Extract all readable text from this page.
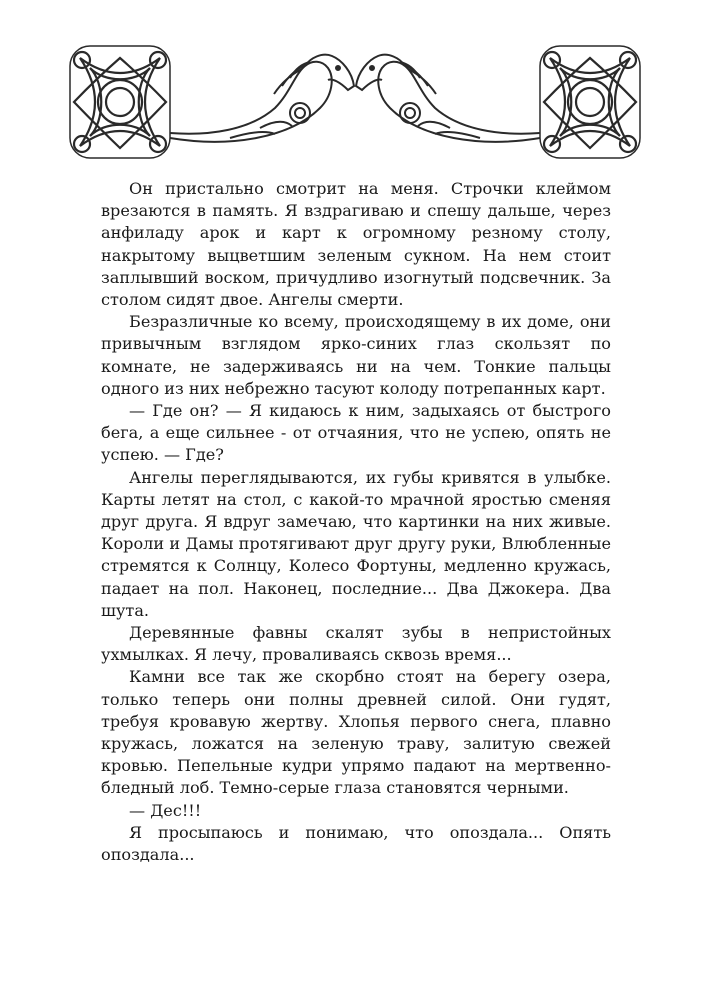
Он пристально смотрит на меня. Строчки клеймом врезаются в память. Я вздрагиваю и спешу дальше, через анфиладу арок и карт к огромному резному столу, накрытому выцветшим зеленым сукном. На нем стоит заплывший воском, причудливо изогнутый подсвечник. За столом сидят двое. Ангелы смерти.

Безразличные ко всему, происходящему в их доме, они привычным взглядом ярко-синих глаз скользят по комнате, не задерживаясь ни на чем. Тонкие пальцы одного из них небрежно тасуют колоду потрепанных карт.

— Где он? — Я кидаюсь к ним, задыхаясь от быстрого бега, а еще сильнее - от отчаяния, что не успею, опять не успею. — Где?

Ангелы переглядываются, их губы кривятся в улыбке. Карты летят на стол, с какой-то мрачной яростью сменяя друг друга. Я вдруг замечаю, что картинки на них живые. Короли и Дамы протягивают друг другу руки, Влюбленные стремятся к Солнцу, Колесо Фортуны, медленно кружась, падает на пол. Наконец, последние... Два Джокера. Два шута.

Деревянные фавны скалят зубы в непристойных ухмылках. Я лечу, проваливаясь сквозь время...

Камни все так же скорбно стоят на берегу озера, только теперь они полны древней силой. Они гудят, требуя кровавую жертву. Хлопья первого снега, плавно кружась, ложатся на зеленую траву, залитую свежей кровью. Пепельные кудри упрямо падают на мертвенно-бледный лоб. Темно-серые глаза становятся черными.

— Дес!!!

Я просыпаюсь и понимаю, что опоздала... Опять опоздала...
